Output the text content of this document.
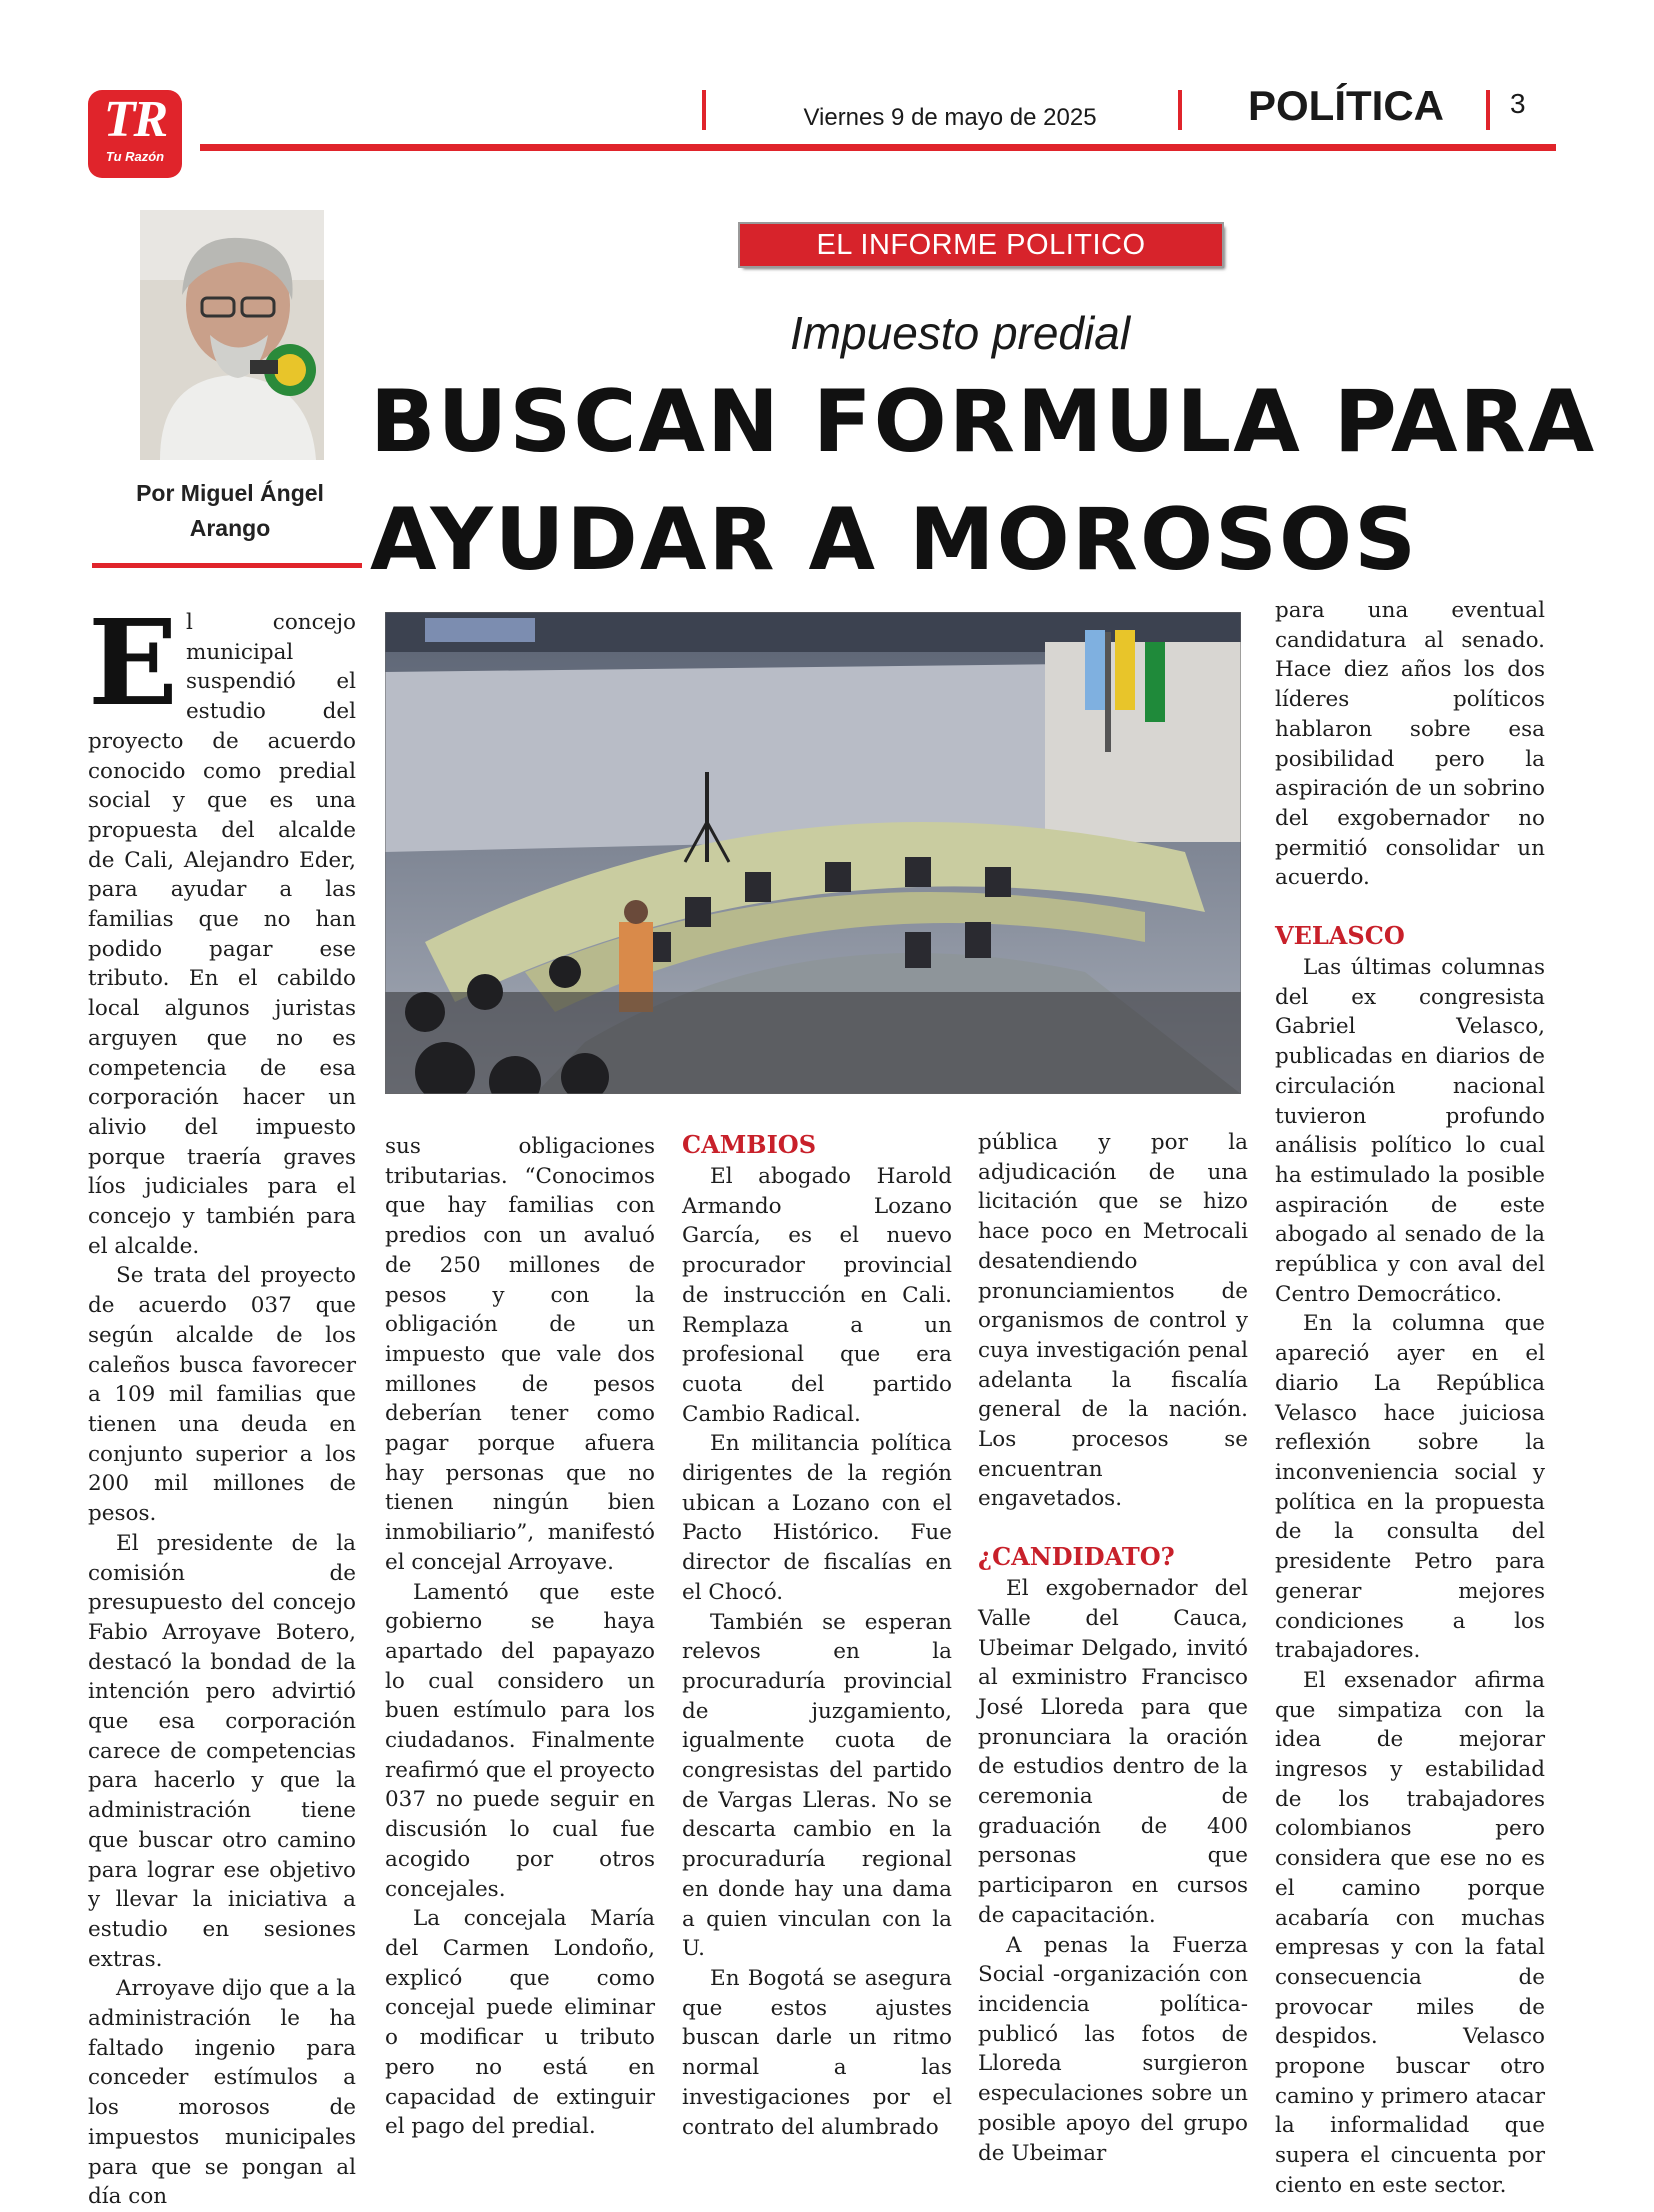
TR
Tu Razón
Viernes 9 de mayo de 2025	POLÍTICA	3
Por Miguel Ángel Arango
EL INFORME POLITICO
Impuesto predial
BUSCAN FORMULA PARA
AYUDAR A MOROSOS
E l concejo municipal suspendió el estudio del proyecto de acuerdo conocido como predial social y que es una propuesta del alcalde de Cali, Alejandro Eder, para ayudar a las familias que no han podido pagar ese tributo. En el cabildo local algunos juristas arguyen que no es competencia de esa corporación hacer un alivio del impuesto porque traería graves líos judiciales para el concejo y también para el alcalde.

Se trata del proyecto de acuerdo 037 que según alcalde de los caleños busca favorecer a 109 mil familias que tienen una deuda en conjunto superior a los 200 mil millones de pesos.

El presidente de la comisión de presupuesto del concejo Fabio Arroyave Botero, destacó la bondad de la intención pero advirtió que esa corporación carece de competencias para hacerlo y que la administración tiene que buscar otro camino para lograr ese objetivo y llevar la iniciativa a estudio en sesiones extras.

Arroyave dijo que a la administración le ha faltado ingenio para conceder estímulos a los morosos de impuestos municipales para que se pongan al día con

sus obligaciones tributarias. “Conocimos que hay familias con predios con un avaluó de 250 millones de pesos y con la obligación de un impuesto que vale dos millones de pesos deberían tener como pagar porque afuera hay personas que no tienen ningún bien inmobiliario”, manifestó el concejal Arroyave.

Lamentó que este gobierno se haya apartado del papayazo lo cual considero un buen estímulo para los ciudadanos. Finalmente reafirmó que el proyecto 037 no puede seguir en discusión lo cual fue acogido por otros concejales.

La concejala María del Carmen Londoño, explicó que como concejal puede eliminar o modificar u tributo pero no está en capacidad de extinguir el pago del predial.

CAMBIOS

El abogado Harold Armando Lozano García, es el nuevo procurador provincial de instrucción en Cali. Remplaza a un profesional que era cuota del partido Cambio Radical.

En militancia política dirigentes de la región ubican a Lozano con el Pacto Histórico. Fue director de fiscalías en el Chocó.

También se esperan relevos en la procuraduría provincial de juzgamiento, igualmente cuota de congresistas del partido de Vargas Lleras. No se descarta cambio en la procuraduría regional en donde hay una dama a quien vinculan con la U.

En Bogotá se asegura que estos ajustes buscan darle un ritmo normal a las investigaciones por el contrato del alumbrado

pública y por la adjudicación de una licitación que se hizo hace poco en Metrocali desatendiendo pronunciamientos de organismos de control y cuya investigación penal adelanta la fiscalía general de la nación. Los procesos se encuentran engavetados.

¿CANDIDATO?

El exgobernador del Valle del Cauca, Ubeimar Delgado, invitó al exministro Francisco José Lloreda para que pronunciara la oración de estudios dentro de la ceremonia de graduación de 400 personas que participaron en cursos de capacitación.

A penas la Fuerza Social -organización con incidencia política- publicó las fotos de Lloreda surgieron especulaciones sobre un posible apoyo del grupo de Ubeimar

para una eventual candidatura al senado. Hace diez años los dos líderes políticos hablaron sobre esa posibilidad pero la aspiración de un sobrino del exgobernador no permitió consolidar un acuerdo.

VELASCO

Las últimas columnas del ex congresista Gabriel Velasco, publicadas en diarios de circulación nacional tuvieron profundo análisis político lo cual ha estimulado la posible aspiración de este abogado al senado de la república y con aval del Centro Democrático.

En la columna que apareció ayer en el diario La República Velasco hace juiciosa reflexión sobre la inconveniencia social y política en la propuesta de la consulta del presidente Petro para generar mejores condiciones a los trabajadores.

El exsenador afirma que simpatiza con la idea de mejorar ingresos y estabilidad de los trabajadores colombianos pero considera que ese no es el camino porque acabaría con muchas empresas y con la fatal consecuencia de provocar miles de despidos. Velasco propone buscar otro camino y primero atacar la informalidad que supera el cincuenta por ciento en este sector.
